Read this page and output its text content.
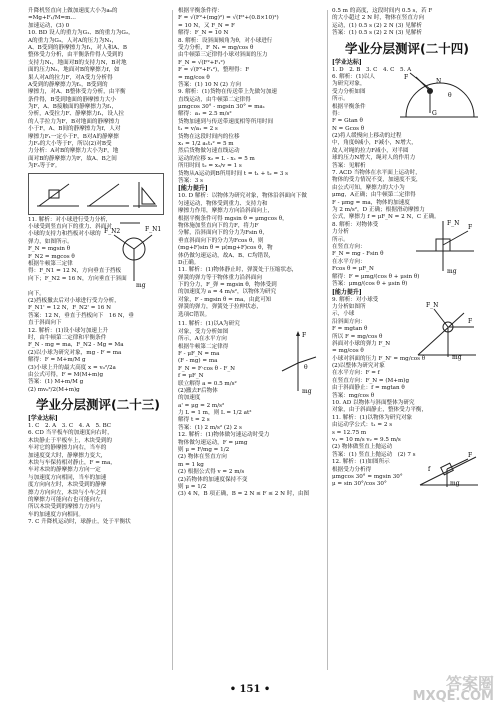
升降机竖直向上做加速度大小为a₀的
=Mg+F₁/M=m…
加速运动，(3) 0
10. BD 设人的重力为G₁、B的重力为G₂，
A的重力为G₃，人对A的压力为N₁，
A、B受到的静摩擦力为f₁，对人和A、B
整体受力分析，由平衡条件得人受到的
支持力N₁，地面对B的支持力N，B对地
面的压力N₂，地面对B的摩擦力f，如
果人对A的拉力F，对A受力分析得
A受到的静摩擦力为f₁，B受到的
摩擦力，对A、B整体受力分析，由平衡
条件得，B受到地面的静摩擦力大小
为F，A、B接触面的静摩擦力为f₁，
分析，A受拉力F、静摩擦力f₁，设人拉
的人手拉力为F，B对地面的静摩擦力
小于F，A、B间的静摩擦力为f，人对
摩擦力F₁一定小于F，B对A的静摩擦
力F₂的大小等于F，所以(2)对B受
力分析：A对B的摩擦力大小为F，地
面对B的静摩擦力为F，故A、B之间
为F₃等于F。
11. 解析：对小球进行受力分析，
小球受到竖直向下的重力、斜面对
小球的支持力和挡板对小球的
弹力，如图所示。
F_N = mgsin θ
F_N2 = mgcos θ
根据牛顿第三定律
得：F_N1 = 12 N，方向垂直于挡板
向下；F_N2 = 16 N，方向垂直于斜面
F_N1
mg
F_N2
向下。
(2)挡板撤去后对小球进行受力分析，
F_N1' = 12 N，F_N2' = 16 N
答案：12 N，垂直于挡板向下　16 N，垂
直于斜面向下
12. 解析：(1)设小球匀加速上升
时，由牛顿第二定律和平衡条件
F_N - mg = ma，F_N2 - Mg = Ma
(2)以小球为研究对象，mg - F = ma
解得：F = M+m/M g
(3)小球上升的最大高度 x = v₀²/2a
由公式可得，F = M(M+m)g
答案：(1) M+m/M g
(2) mv₀²/2(M+m)g
学业分层测评(二十三)
[学业达标]
1. C　2. A　3. C　4. A　5. BC
6. CD 当平板车的加速度向右时，
木块静止于平板车上，木块受到的
车对它的静摩擦力向右，当车的
加速度变大时，静摩擦力变大，
木块与车保持相对静止，F = ma，
车对木块的静摩擦力方向一定
与加速度方向相同，当车的加速
度方向向左时，木块受到的静摩
擦力方向向左，木块与小车之间
的摩擦力可能向右也可能向左，
所以木块受到的摩擦力方向与
车的加速度方向相同。
7. C 升降机运动时，球静止，处于平衡状
根据平衡条件得：
F = √(F²+(mg)²) = √(F²+(0.8×10)²)
= 10 N，又 F_N = F
解得：F_N = 10 N
8. 解析：设斜面倾角为θ，对小球进行
受力分析，F_N₁ = mg/cos θ
由牛顿第三定律得小球对斜面的压力
F_N = √(F²+F₁²)
F = √(F²+F₁²)，整理得：F
= mg/cos θ
答案：(1) 10 N (2) 方向
9. 解析：(1)货物在传送带上先做匀加速
直线运动，由牛顿第二定律得
μmgcos 30° - mgsin 30° = ma₁
解得：a₁ = 2.5 m/s²
货物加速到与传送带速度相等所用时间
t₁ = v/a₁ = 2 s
货物在这段时间内的位移
x₁ = 1/2 a₁t₁² = 5 m
然后货物做匀速直线运动
运动的位移 x₂ = L - x₁ = 5 m
所用时间 t₂ = x₂/v = 1 s
货物从A运动到B所用时间 t = t₁ + t₂ = 3 s
答案：3 s
[能力提升]
10. D 解析：以物体为研究对象，物体沿斜面向下做
匀速运动，物体受到重力、支持力和
摩擦力作用，摩擦力方向沿斜面向上，
根据平衡条件可得 mgsin θ = μmgcos θ，
物体施加竖直向下的力F，将力F
分解，沿斜面向下的分力为Fsin θ，
垂直斜面向下的分力为Fcos θ，则
(mg+F)sin θ = μ(mg+F)cos θ，物
体仍做匀速运动，故A、B、C均错误，
D正确。
11. 解析：(1)物体静止时，弹簧处于压缩状态，
弹簧的弹力等于物体重力沿斜面向
下的分力，F_弹 = mgsin θ，物体受到
的加速度为 a = 4 m/s²，以物体为研究
对象，F - mgsin θ = ma，由此可知
弹簧的弹力，弹簧处于拉伸状态，
选项C错误。
11. 解析：(1)以A为研究
对象，受力分析如图
所示，A在水平方向
根据牛顿第二定律得
F - μF_N = ma
(F - mg) = ma
F_N = F·cos θ - F_N
f = μF_N
联立解得 a = 0.5 m/s²
(2)撤去F后物体
的加速度
a' = μg = 2 m/s²
力 L = 1 m，则 L = 1/2 at²
解得 t = 2 s
答案：(1) 2 m/s² (2) 2 s
12. 解析：(1)物体做匀速运动时受力
物体做匀速运动，F = μmg
则 μ = F/mg = 1/2
(2) 物体在竖直方向
m = 1 kg
(2) 根据公式得 v = 2 m/s
(2)若物体的加速度保持不变
则 μ = 1/2
(3) 4 N，B 项正确，B = 2 N ≤ F ≤ 2 N 时，由图
F
mg
θ
0.5 m 的高度，这段时间内 0.5 s，若 F
的大小超过 2 N 时，物体在竖直方向
运动，(1) 0.5 s (2) 2 N (3) 见解析
答案：(1) 0.5 s (2) 2 N (3) 见解析
学业分层测评(二十四)
[学业达标]
1. D　2. B　3. C　4. C　5. A
6. 解析：(1)以人
为研究对象，
受力分析如图
所示。
根据平衡条件
得：
F = Gtan θ
N = Gcos θ
(2)将人缓慢向上移动的过程
中，角度θ减小，F减小，N增大，
故人对绳的拉力F减小，对半圆
球的压力N增大，绳对人的作用力
答案：见解析
7. ACD 当物体在水平面上运动时，
物体的受力情况不变，加速度不变，
由公式可知，摩擦力的大小为
μmg，A正确；由牛顿第二定律得
F - μmg = ma，物体的加速度
为 2 m/s²，D 正确；根据滑动摩擦力
公式，摩擦力 f = μF_N = 2 N，C 正确。
8. 解析：对物体受
力分析
所示。
在竖直方向：
F_N = mg - Fsin θ
在水平方向：
Fcos θ = μF_N
解得：F = μmg/(cos θ + μsin θ)
答案：μmg/(cos θ + μsin θ)
F
N
G
θ
F
F_N
mg
[能力提升]
9. 解析：对小球受
力分析如图所
示，小球
沿斜面方向：
F = mgtan θ
所以 F = mg/cos θ
斜面对小球的弹力 F_N
= mg/cos θ
小球对斜面的压力 F_N' = mg/cos θ
(2)以整体为研究对象
在水平方向：F = f
在竖直方向：F_N = (M+m)g
由于斜面静止：f = mgtan θ
答案：mg/cos θ
10. AD 以物体与斜面整体为研究
对象，由于斜面静止，整体受力平衡，
11. 解析：(1)以物体为研究对象
由运动学公式：t₁ = 2 s
s = 12.75 m
v₁ = 10 m/s v₂ = 9.5 m/s
(2) 物体做竖直上抛运动
答案：(1) 竖直上抛运动　(2) 7 s
12. 解析：(1)如图所示
根据受力分析得
μmgcos 30° = mgsin 30°
μ = sin 30°/cos 30°
F_N
F
mg
F
mg
f
• 151 •	答案圈
MXQE.COM
